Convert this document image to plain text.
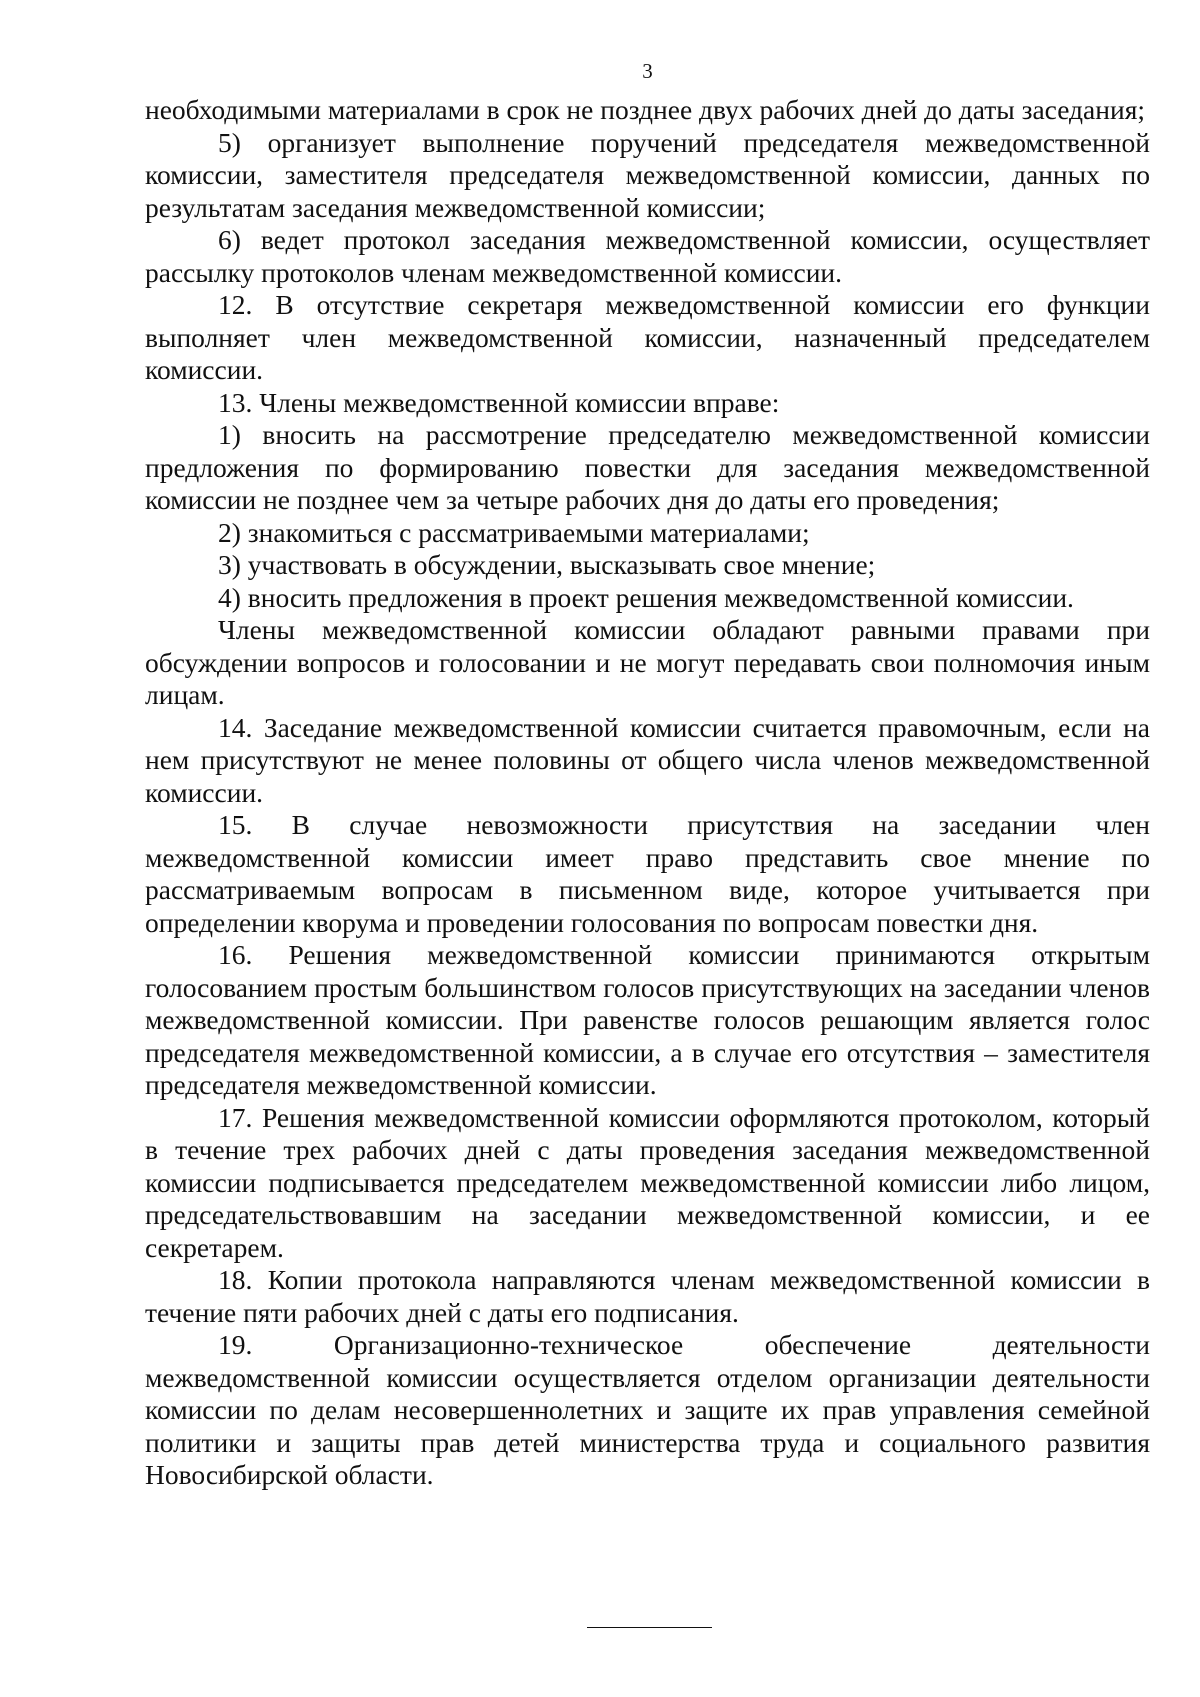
3

необходимыми материалами в срок не позднее двух рабочих дней до даты заседания;

5) организует выполнение поручений председателя межведомственной комиссии, заместителя председателя межведомственной комиссии, данных по результатам заседания межведомственной комиссии;

6) ведет протокол заседания межведомственной комиссии, осуществляет рассылку протоколов членам межведомственной комиссии.

12. В отсутствие секретаря межведомственной комиссии его функции выполняет член межведомственной комиссии, назначенный председателем комиссии.

13. Члены межведомственной комиссии вправе:

1) вносить на рассмотрение председателю межведомственной комиссии предложения по формированию повестки для заседания межведомственной комиссии не позднее чем за четыре рабочих дня до даты его проведения;

2) знакомиться с рассматриваемыми материалами;

3) участвовать в обсуждении, высказывать свое мнение;

4) вносить предложения в проект решения межведомственной комиссии.

Члены межведомственной комиссии обладают равными правами при обсуждении вопросов и голосовании и не могут передавать свои полномочия иным лицам.

14. Заседание межведомственной комиссии считается правомочным, если на нем присутствуют не менее половины от общего числа членов межведомственной комиссии.

15. В случае невозможности присутствия на заседании член межведомственной комиссии имеет право представить свое мнение по рассматриваемым вопросам в письменном виде, которое учитывается при определении кворума и проведении голосования по вопросам повестки дня.

16. Решения межведомственной комиссии принимаются открытым голосованием простым большинством голосов присутствующих на заседании членов межведомственной комиссии. При равенстве голосов решающим является голос председателя межведомственной комиссии, а в случае его отсутствия – заместителя председателя межведомственной комиссии.

17. Решения межведомственной комиссии оформляются протоколом, который в течение трех рабочих дней с даты проведения заседания межведомственной комиссии подписывается председателем межведомственной комиссии либо лицом, председательствовавшим на заседании межведомственной комиссии, и ее секретарем.

18. Копии протокола направляются членам межведомственной комиссии в течение пяти рабочих дней с даты его подписания.

19. Организационно-техническое обеспечение деятельности межведомственной комиссии осуществляется отделом организации деятельности комиссии по делам несовершеннолетних и защите их прав управления семейной политики и защиты прав детей министерства труда и социального развития Новосибирской области.
